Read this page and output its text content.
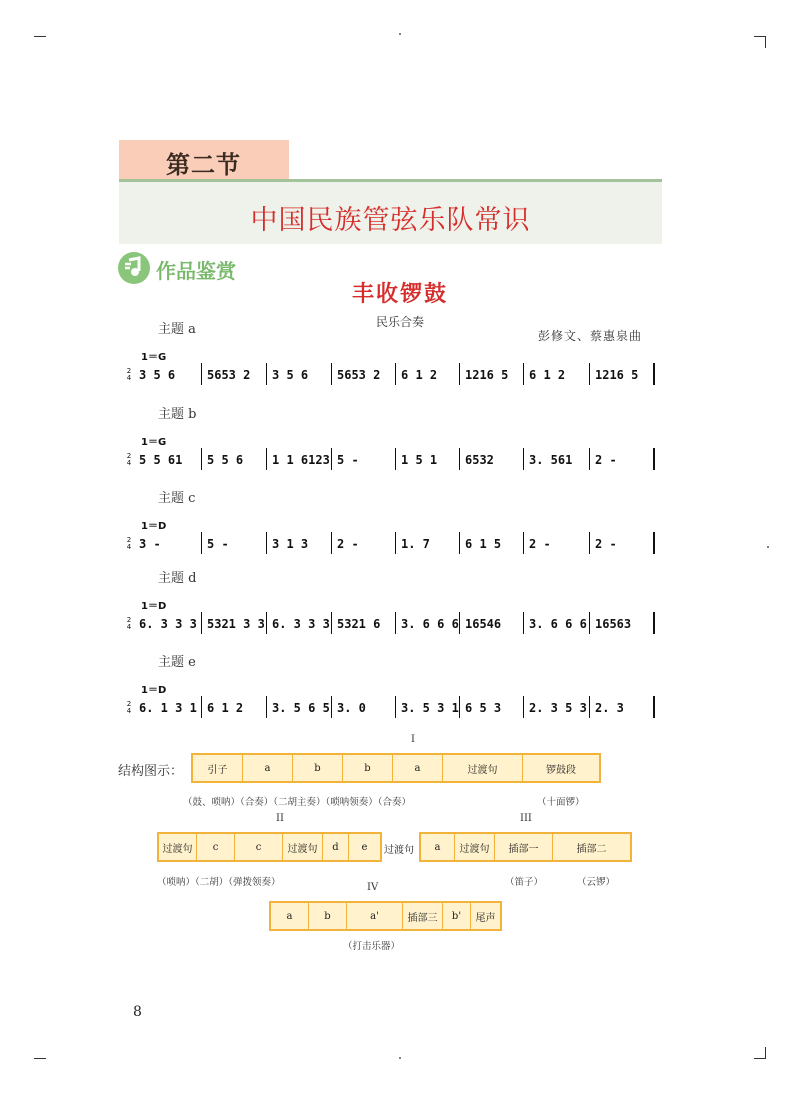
第二节
中国民族管弦乐队常识
作品鉴赏
丰收锣鼓
民乐合奏
彭修文、蔡惠泉曲
主题 a
1＝G
2
4 3 5 6	5653 2	3 5 6	5653 2	6 1 2	1216 5	6 1 2	1216 5
主题 b
1＝G
2
4 5 5 61	5 5 6	1 1 6123 5 -	1 5 1	6532	3. 561	2 -
主题 c
1＝D
2
4 3 -	5 -	3 1 3	2 -	1. 7	6 1 5	2 -	2 -
主题 d
1＝D
2
4 6. 3 3 3 5321 3 3 6. 3 3 3 5321 6	3. 6 6 6 16546	3. 6 6 6 16563
主题 e
1＝D
2
4 6. 1 3 1 6 1 2	3. 5 6 5 3. 0	3. 5 3 1 6 5 3	2. 3 5 3 2. 3
结构图示：
I
引子	a	b	b	a	过渡句	锣鼓段
（鼓、唢呐）（合奏）（二胡主奏）（唢呐领奏）（合奏）	（十面锣）
II	III
过渡句	c	c	过渡句	d	e	过渡句	a	过渡句	插部一	插部二
（唢呐）（二胡）（弹拨领奏）	（笛子）	（云锣）
IV
a	b	a'	插部三	b'	尾声
（打击乐器）
8
